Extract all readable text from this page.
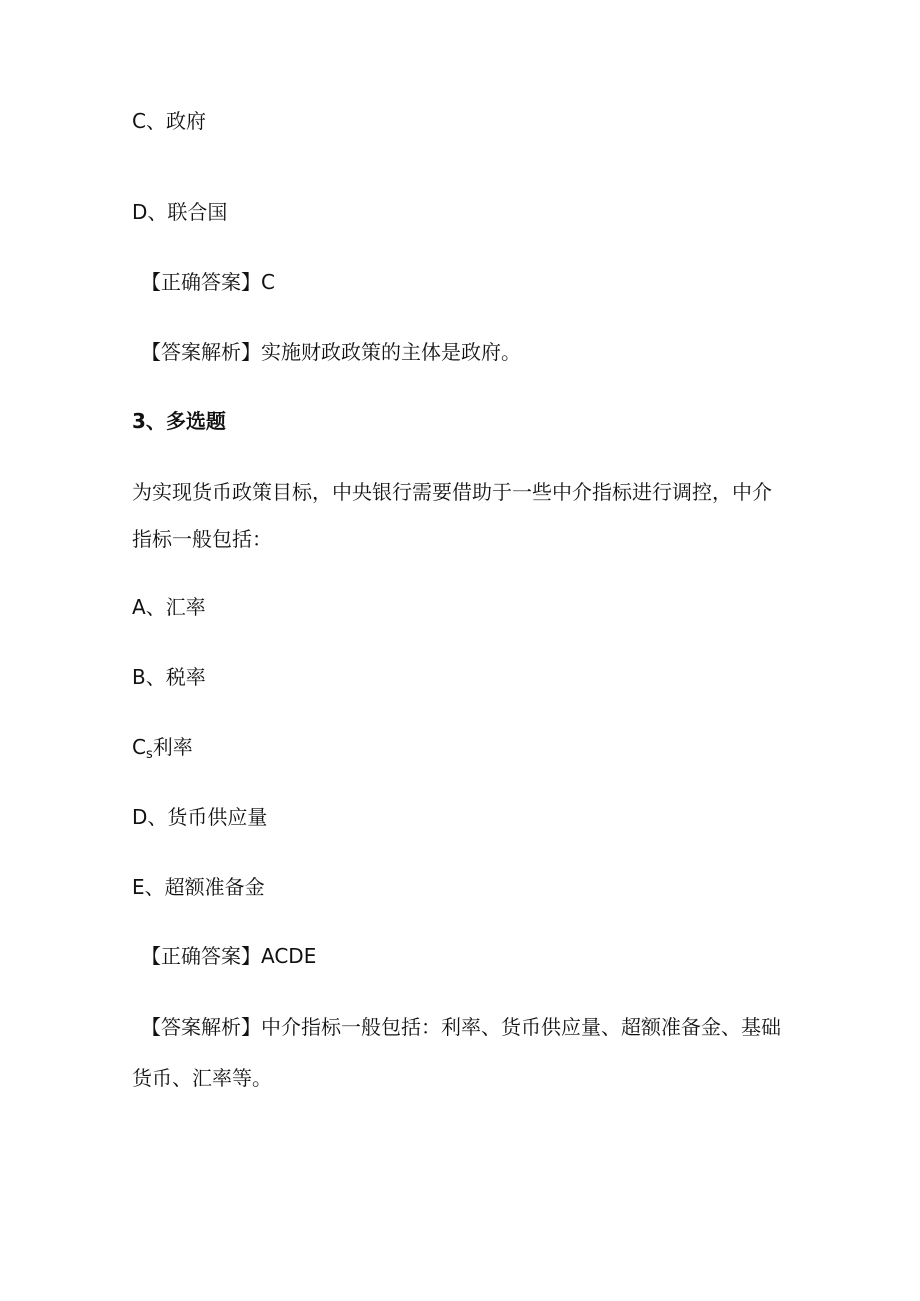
C、政府
D、联合国
【正确答案】C
【答案解析】实施财政政策的主体是政府。
3、多选题
为实现货币政策目标，中央银行需要借助于一些中介指标进行调控，中介
指标一般包括：
A、汇率
B、税率
$C_s$利率
D、货币供应量
E、超额准备金
【正确答案】ACDE
【答案解析】中介指标一般包括：利率、货币供应量、超额准备金、基础
货币、汇率等。
